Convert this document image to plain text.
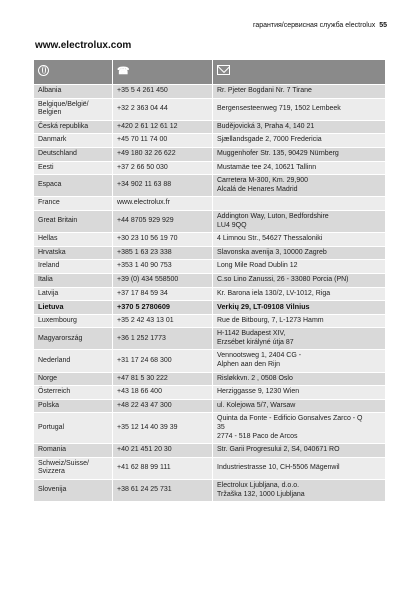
гарантия/сервисная служба electrolux 55
www.electrolux.com
	☎	
Albania	+35 5 4 261 450	Rr. Pjeter Bogdani Nr. 7 Tirane

Belgique/Belgiё/ Belgien	+32 2 363 04 44	Bergensesteenweg 719, 1502 Lembeek

Česká republika	+420 2 61 12 61 12	Budějovická 3, Praha 4, 140 21

Danmark	+45 70 11 74 00	Sjællandsgade 2, 7000 Fredericia

Deutschland	+49 180 32 26 622	Muggenhofer Str. 135, 90429 Nürnberg

Eesti	+37 2 66 50 030	Mustamäe tee 24, 10621 Tallinn

Espaca	+34 902 11 63 88	Carretera M-300, Km. 29,900
Alcalá de Henares Madrid

France	www.electrolux.fr	

Great Britain	+44 8705 929 929	Addington Way, Luton, Bedfordshire
LU4 9QQ

Hellas	+30 23 10 56 19 70	4 Limnou Str., 54627 Thessaloniki

Hrvatska	+385 1 63 23 338	Slavonska avenija 3, 10000 Zagreb

Ireland	+353 1 40 90 753	Long Mile Road Dublin 12

Italia	+39 (0) 434 558500	C.so Lino Zanussi, 26 - 33080 Porcia (PN)

Latvija	+37 17 84 59 34	Kr. Barona iela 130/2, LV-1012, Riga

Lietuva	+370 5 2780609	Verkių 29, LT-09108 Vilnius

Luxembourg	+35 2 42 43 13 01	Rue de Bitbourg, 7, L-1273 Hamm

Magyarország	+36 1 252 1773	H-1142 Budapest XIV,
Erzsébet királyné útja 87

Nederland	+31 17 24 68 300	Vennootsweg 1, 2404 CG -
Alphen aan den Rijn

Norge	+47 81 5 30 222	Risløkkvn. 2 , 0508 Oslo

Österreich	+43 18 66 400	Herziggasse 9, 1230 Wien

Polska	+48 22 43 47 300	ul. Kolejowa 5/7, Warsaw

Portugal	+35 12 14 40 39 39	Quinta da Fonte - Edificio Gonsalves Zarco - Q
35
2774 - 518 Paco de Arcos

Romania	+40 21 451 20 30	Str. Garii Progresului 2, S4, 040671 RO

Schweiz/Suisse/ Svizzera	+41 62 88 99 111	Industriestrasse 10, CH-5506 Mägenwil

Slovenija	+38 61 24 25 731	Electrolux Ljubljana, d.o.o.
Tržaška 132, 1000 Ljubljana
